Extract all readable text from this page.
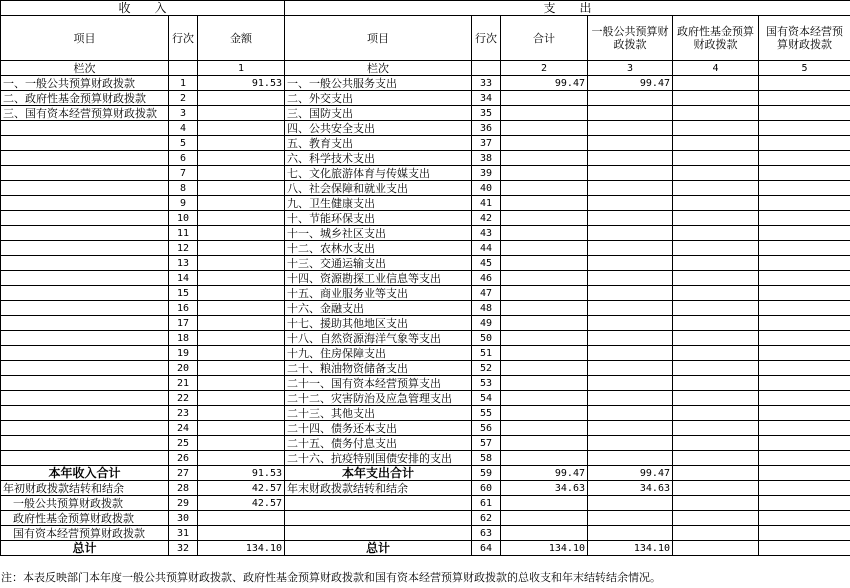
收　　入			支　　出					
项目	行次	金额	项目	行次	合计	一般公共预算财政拨款	政府性基金预算财政拨款	国有资本经营预算财政拨款
栏次		1	栏次		2	3	4	5
一、一般公共预算财政拨款	1	91.53	一、一般公共服务支出	33	99.47	99.47		
二、政府性基金预算财政拨款	2		二、外交支出	34				
三、国有资本经营预算财政拨款	3		三、国防支出	35				
	4		四、公共安全支出	36				
	5		五、教育支出	37				
	6		六、科学技术支出	38				
	7		七、文化旅游体育与传媒支出	39				
	8		八、社会保障和就业支出	40				
	9		九、卫生健康支出	41				
	10		十、节能环保支出	42				
	11		十一、城乡社区支出	43				
	12		十二、农林水支出	44				
	13		十三、交通运输支出	45				
	14		十四、资源勘探工业信息等支出	46				
	15		十五、商业服务业等支出	47				
	16		十六、金融支出	48				
	17		十七、援助其他地区支出	49				
	18		十八、自然资源海洋气象等支出	50				
	19		十九、住房保障支出	51				
	20		二十、粮油物资储备支出	52				
	21		二十一、国有资本经营预算支出	53				
	22		二十二、灾害防治及应急管理支出	54				
	23		二十三、其他支出	55				
	24		二十四、债务还本支出	56				
	25		二十五、债务付息支出	57				
	26		二十六、抗疫特别国债安排的支出	58				
本年收入合计	27	91.53	本年支出合计	59	99.47	99.47		
年初财政拨款结转和结余	28	42.57	年末财政拨款结转和结余	60	34.63	34.63		
一般公共预算财政拨款	29	42.57		61				
政府性基金预算财政拨款	30			62				
国有资本经营预算财政拨款	31			63				
总计	32	134.10	总计	64	134.10	134.10		
注：本表反映部门本年度一般公共预算财政拨款、政府性基金预算财政拨款和国有资本经营预算财政拨款的总收支和年末结转结余情况。
